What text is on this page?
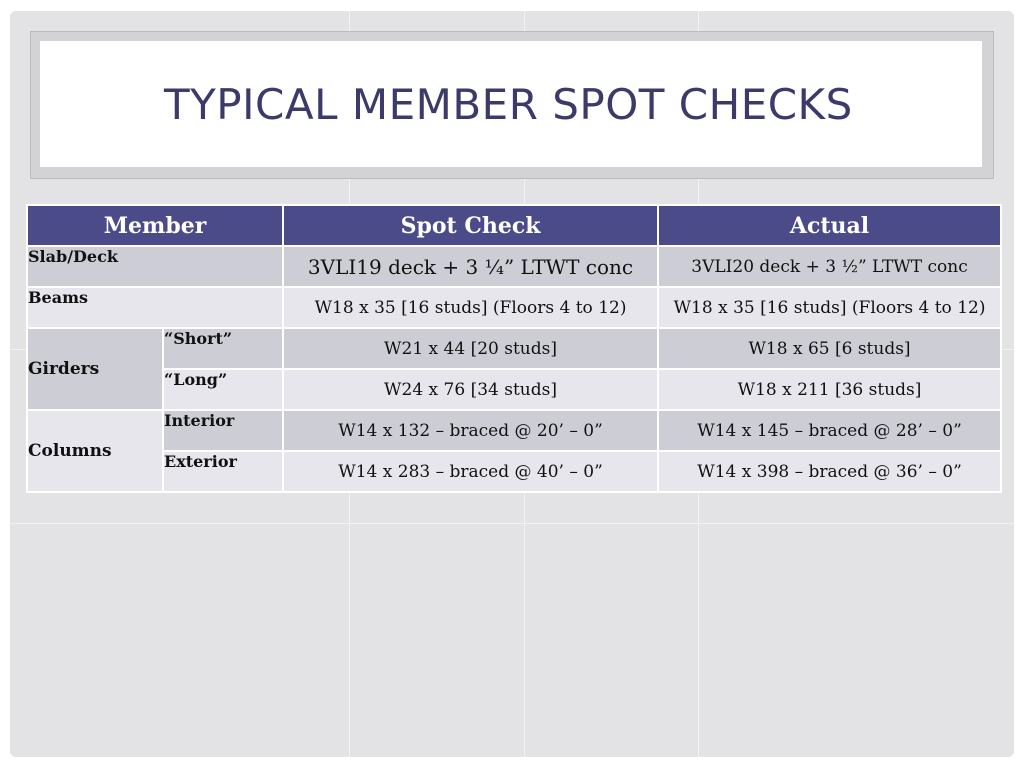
TYPICAL MEMBER SPOT CHECKS
Member		Spot Check	Actual
Slab/Deck		3VLI19 deck + 3 ¼” LTWT conc	3VLI20 deck + 3 ½” LTWT conc
Beams		W18 x 35 [16 studs] (Floors 4 to 12)	W18 x 35 [16 studs] (Floors 4 to 12)
Girders	“Short”	W21 x 44 [20 studs]	W18 x 65 [6 studs]
	“Long”	W24 x 76 [34 studs]	W18 x 211 [36 studs]
Columns	Interior	W14 x 132 – braced @ 20’ – 0”	W14 x 145 – braced @ 28’ – 0”
	Exterior	W14 x 283 – braced @ 40’ – 0”	W14 x 398 – braced @ 36’ – 0”
